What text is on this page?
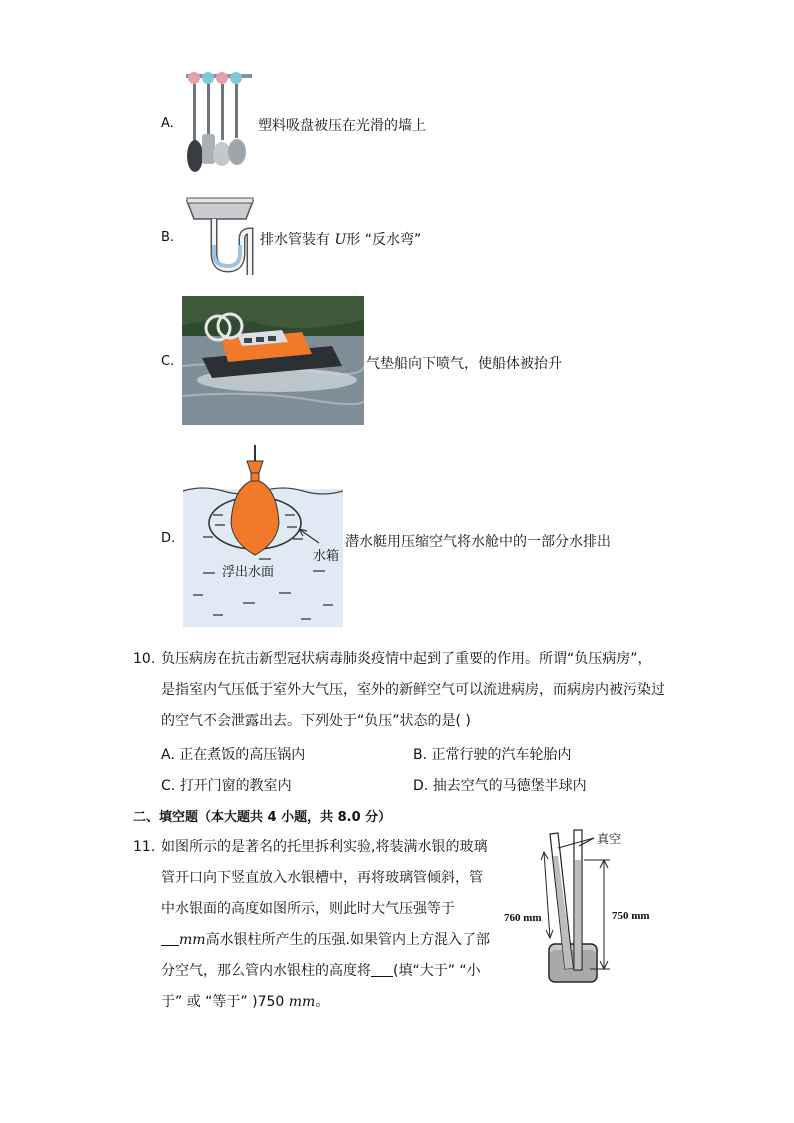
A.	塑料吸盘被压在光滑的墙上
B.	排水管装有 U形 “反水弯”
C.	气垫船向下喷气，使船体被抬升
D.
水箱
浮出水面
潜水艇用压缩空气将水舱中的一部分水排出
10. 负压病房在抗击新型冠状病毒肺炎疫情中起到了重要的作用。所谓“负压病房”，
是指室内气压低于室外大气压，室外的新鲜空气可以流进病房，而病房内被污染过
的空气不会泄露出去。下列处于“负压”状态的是( )
A. 正在煮饭的高压锅内	B. 正常行驶的汽车轮胎内
C. 打开门窗的教室内	D. 抽去空气的马德堡半球内
二、填空题（本大题共 4 小题，共 8.0 分）
11. 如图所示的是著名的托里拆利实验,将装满水银的玻璃
管开口向下竖直放入水银槽中，再将玻璃管倾斜，管
中水银面的高度如图所示，则此时大气压强等于
mm高水银柱所产生的压强.如果管内上方混入了部
分空气，那么管内水银柱的高度将 (填“大于” “小
于” 或 “等于” )750 mm。
真空
760 mm	750 mm
